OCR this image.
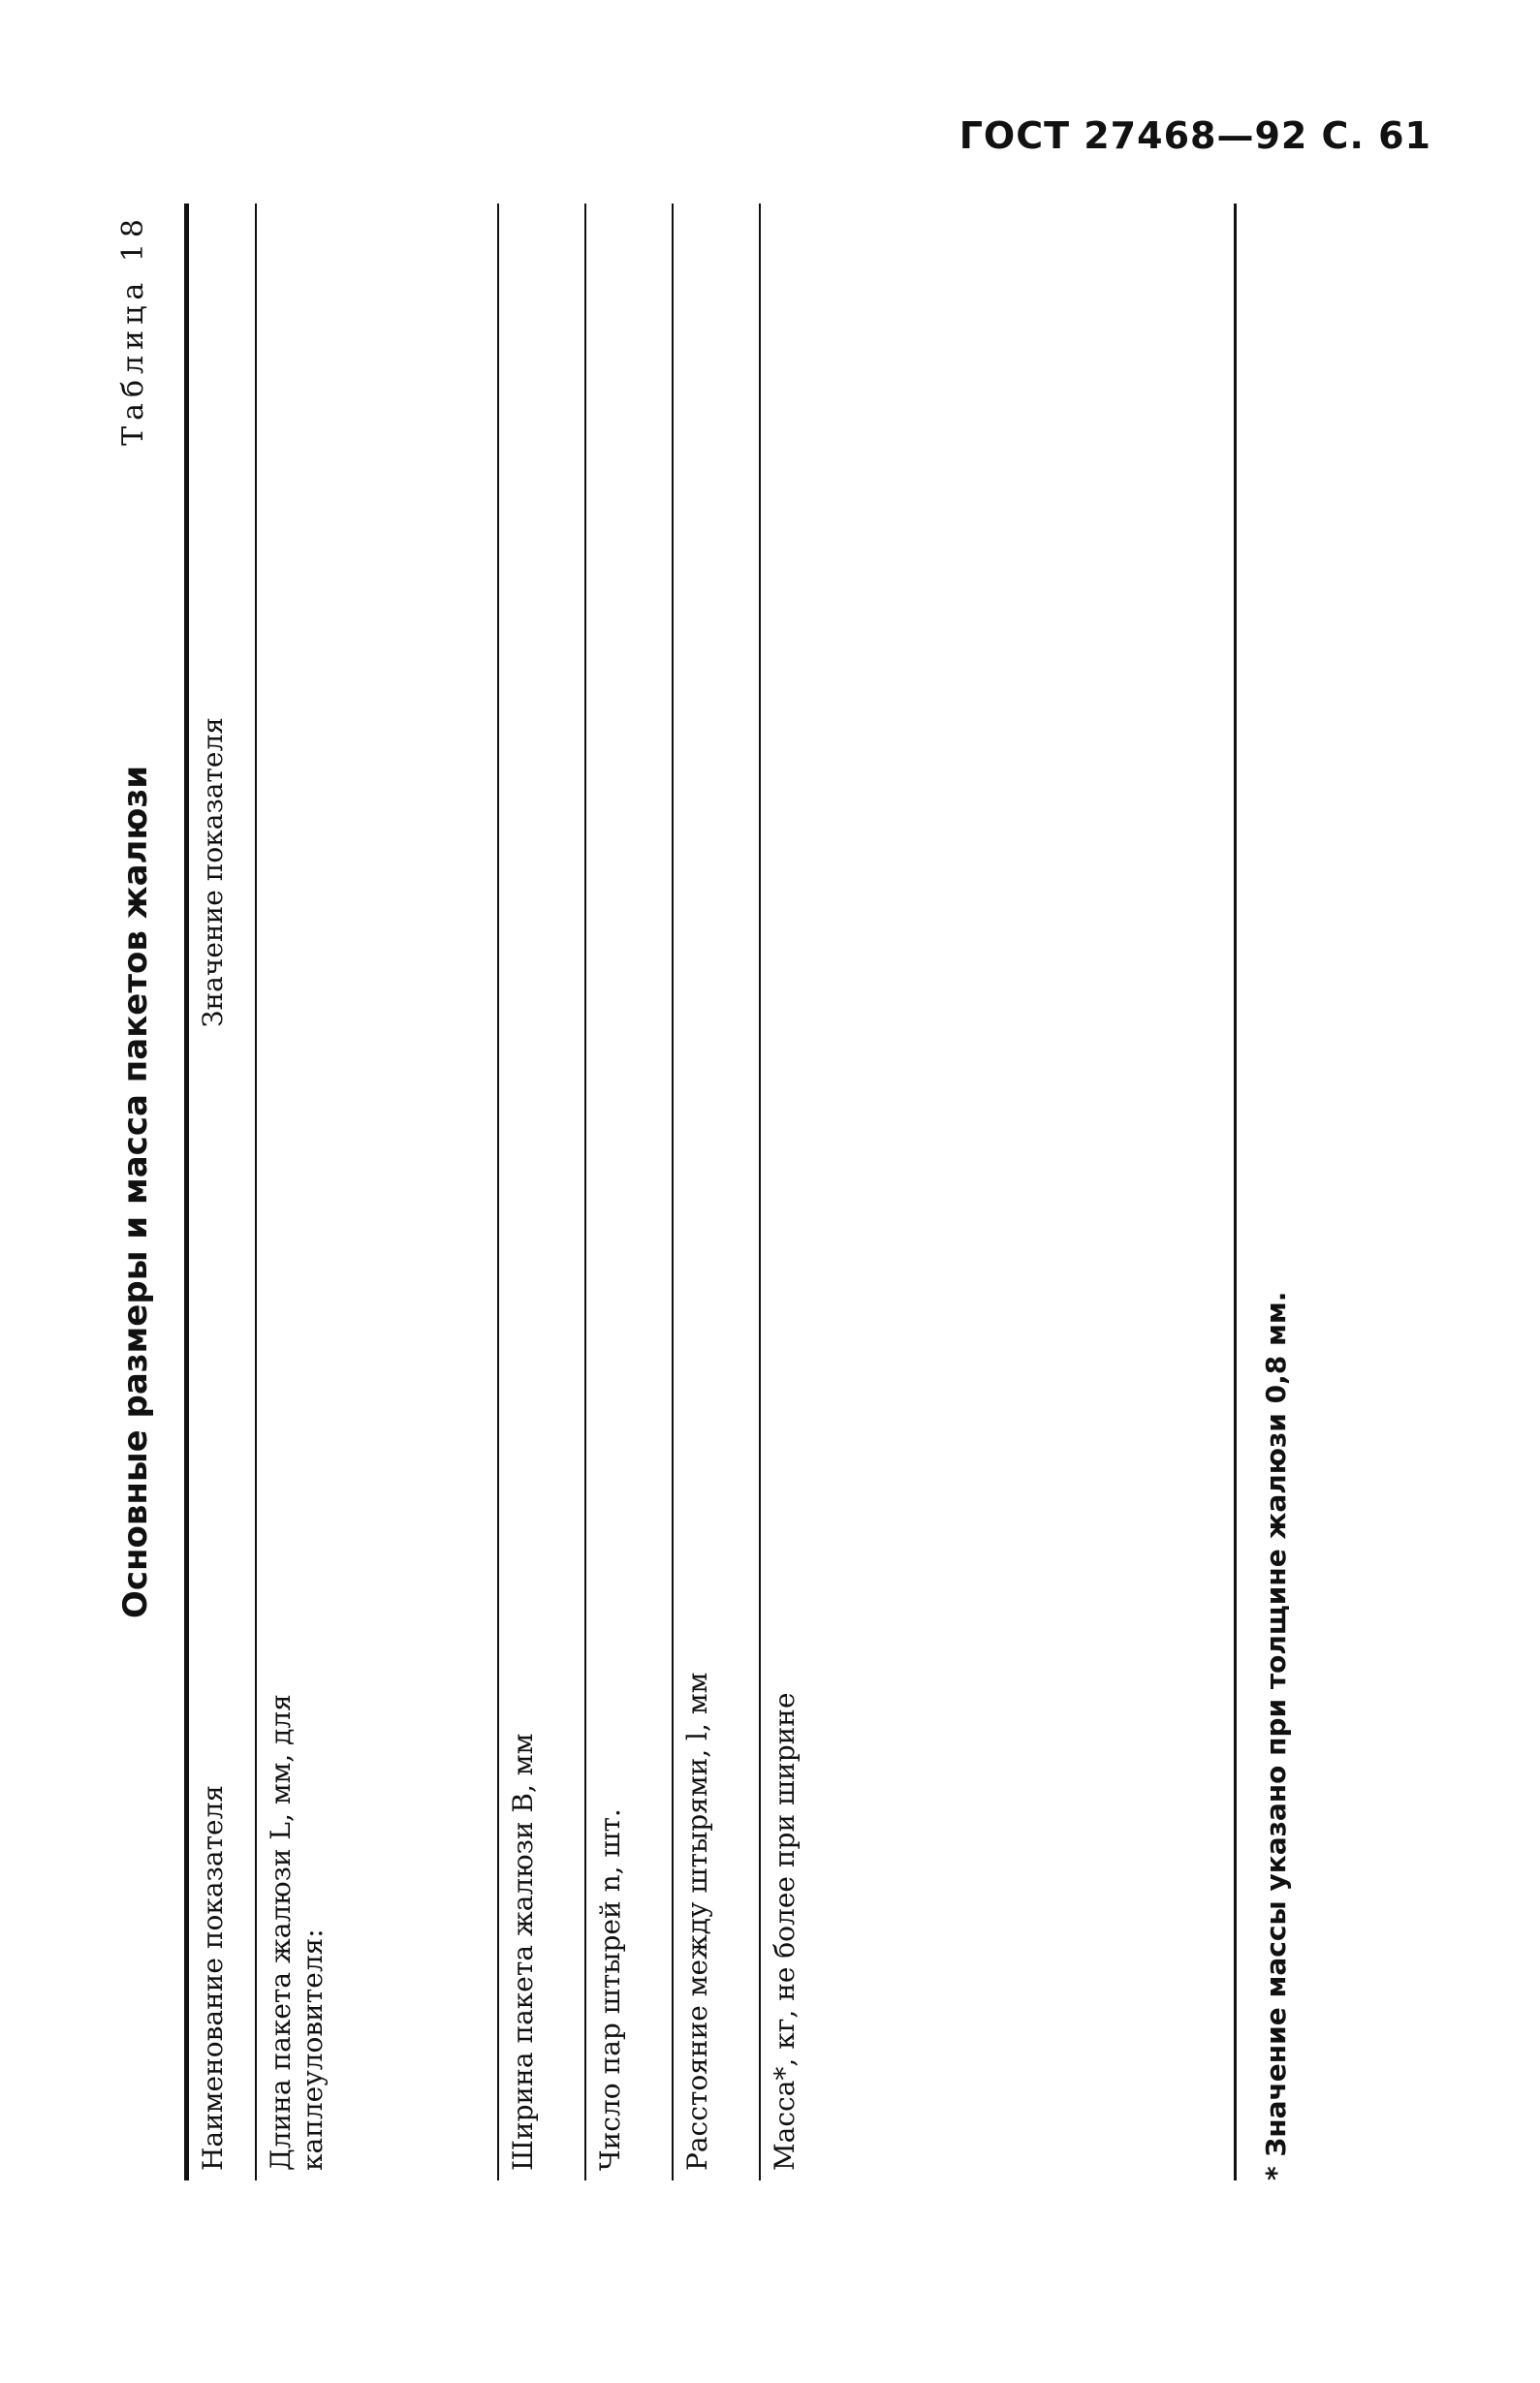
ГОСТ 27468—92 С. 61
Основные размеры и масса пакетов жалюзи
Таблица 18
Наименование показателя
Значение показателя
Длина пакета жалюзи L, мм, для каплеуловителя:	Ширина пакета жалюзи B, мм Число пар штырей n, шт. Расстояние между штырями, l, мм Масса*, кг, не более при ширине	* Значение массы указано при толщине жалюзи 0,8 мм.
